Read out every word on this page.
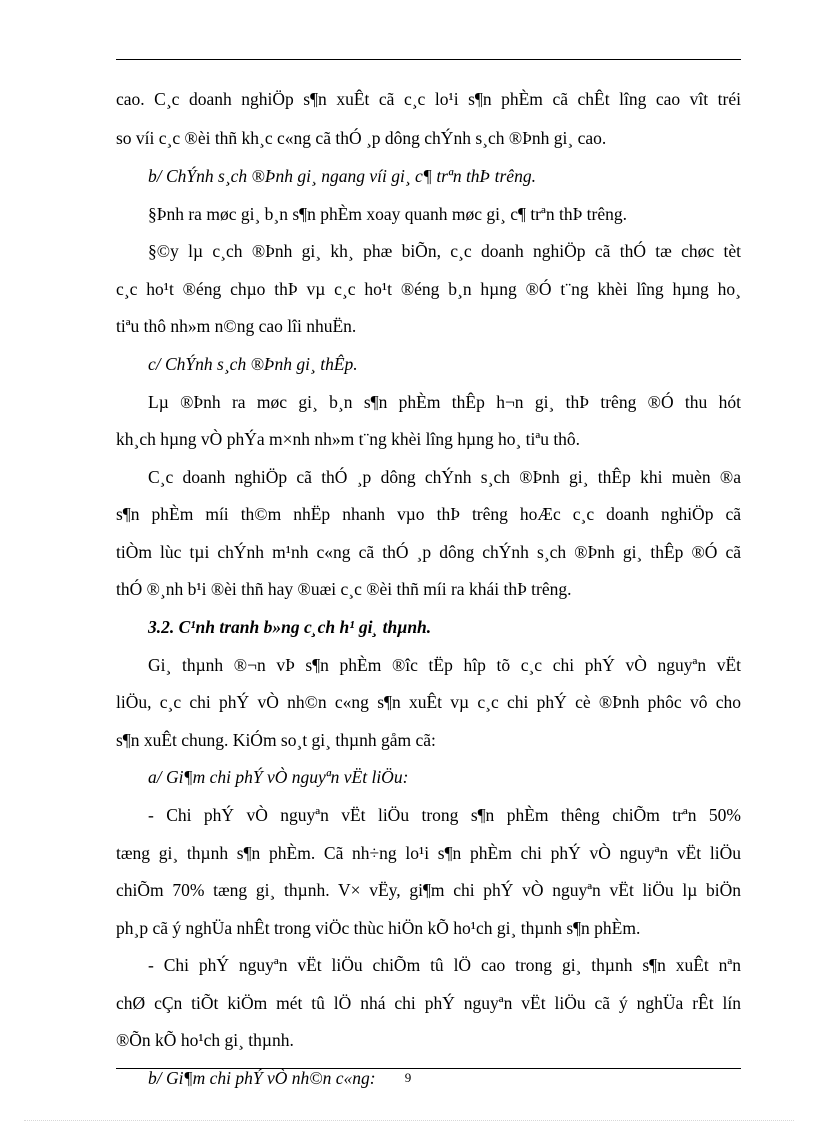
cao. C¸c doanh nghiÖp s¶n xuÊt cã c¸c lo¹i s¶n phÈm cã chÊt lîng cao vît tréi
so víi c¸c ®èi thñ kh¸c c«ng cã thÓ ¸p dông chÝnh s¸ch ®Þnh gi¸ cao.
b/ ChÝnh s¸ch ®Þnh gi¸ ngang víi gi¸ c¶ trªn thÞ trêng.
§Þnh ra møc gi¸ b¸n s¶n phÈm xoay quanh møc gi¸ c¶ trªn thÞ trêng.
§©y lµ c¸ch ®Þnh gi¸ kh¸ phæ biÕn, c¸c doanh nghiÖp cã thÓ tæ chøc tèt
c¸c ho¹t ®éng chµo thÞ vµ c¸c ho¹t ®éng b¸n hµng ®Ó t¨ng khèi lîng hµng ho¸
tiªu thô nh»m n©ng cao lîi nhuËn.
c/ ChÝnh s¸ch ®Þnh gi¸ thÊp.
Lµ ®Þnh ra møc gi¸ b¸n s¶n phÈm thÊp h¬n gi¸ thÞ trêng ®Ó thu hót
kh¸ch hµng vÒ phÝa m×nh nh»m t¨ng khèi lîng hµng ho¸ tiªu thô.
C¸c doanh nghiÖp cã thÓ ¸p dông chÝnh s¸ch ®Þnh gi¸ thÊp khi muèn ®a
s¶n phÈm míi th©m nhËp nhanh vµo thÞ trêng hoÆc c¸c doanh nghiÖp cã
tiÒm lùc tµi chÝnh m¹nh c«ng cã thÓ ¸p dông chÝnh s¸ch ®Þnh gi¸ thÊp ®Ó cã
thÓ ®¸nh b¹i ®èi thñ hay ®uæi c¸c ®èi thñ míi ra khái thÞ trêng.
3.2. C¹nh tranh b»ng c¸ch h¹ gi¸ thµnh.
Gi¸ thµnh ®¬n vÞ s¶n phÈm ®îc tËp hîp tõ c¸c chi phÝ vÒ nguyªn vËt
liÖu, c¸c chi phÝ vÒ nh©n c«ng s¶n xuÊt vµ c¸c chi phÝ cè ®Þnh phôc vô cho
s¶n xuÊt chung. KiÓm so¸t gi¸ thµnh gåm cã:
a/ Gi¶m chi phÝ vÒ nguyªn vËt liÖu:
- Chi phÝ vÒ nguyªn vËt liÖu trong s¶n phÈm thêng chiÕm trªn 50%
tæng gi¸ thµnh s¶n phÈm. Cã nh÷ng lo¹i s¶n phÈm chi phÝ vÒ nguyªn vËt liÖu
chiÕm 70% tæng gi¸ thµnh. V× vËy, gi¶m chi phÝ vÒ nguyªn vËt liÖu lµ biÖn
ph¸p cã ý nghÜa nhÊt trong viÖc thùc hiÖn kÕ ho¹ch gi¸ thµnh s¶n phÈm.
- Chi phÝ nguyªn vËt liÖu chiÕm tû lÖ cao trong gi¸ thµnh s¶n xuÊt nªn
chØ cÇn tiÕt kiÖm mét tû lÖ nhá chi phÝ nguyªn vËt liÖu cã ý nghÜa rÊt lín
®Õn kÕ ho¹ch gi¸ thµnh.
b/ Gi¶m chi phÝ vÒ nh©n c«ng:	9
